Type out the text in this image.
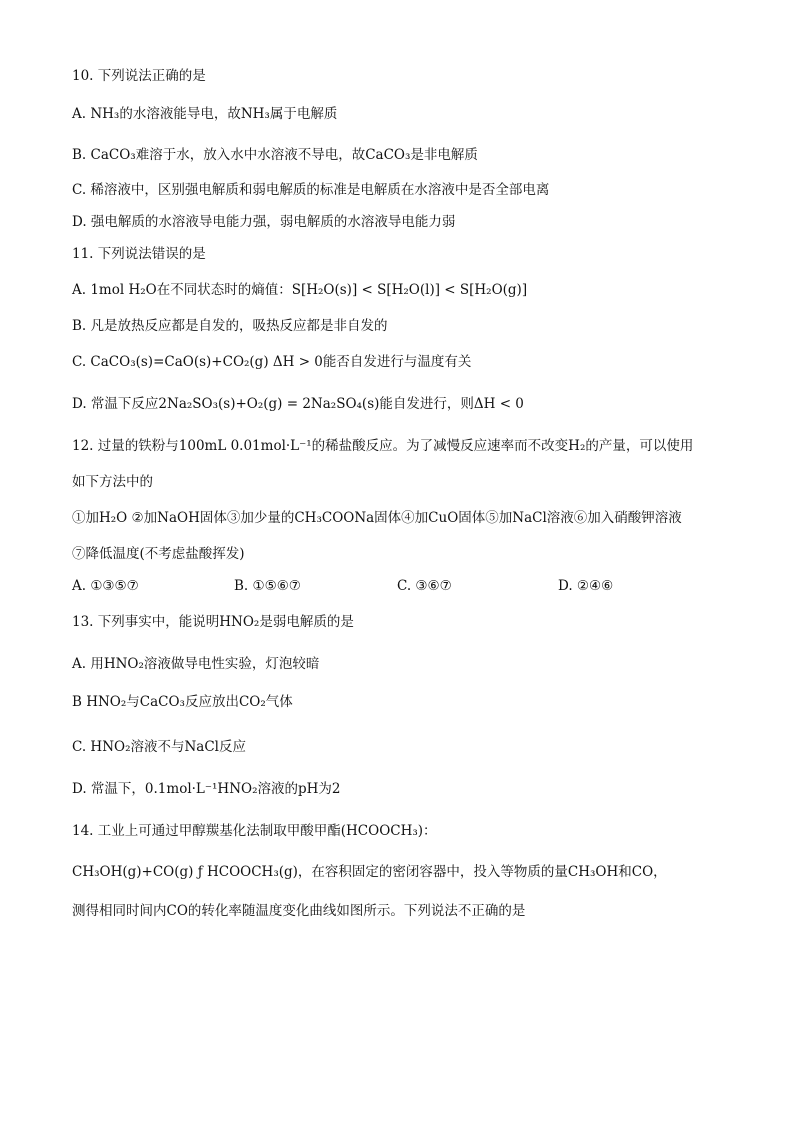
10. 下列说法正确的是
A. NH₃的水溶液能导电，故NH₃属于电解质
B. CaCO₃难溶于水，放入水中水溶液不导电，故CaCO₃是非电解质
C. 稀溶液中，区别强电解质和弱电解质的标准是电解质在水溶液中是否全部电离
D. 强电解质的水溶液导电能力强，弱电解质的水溶液导电能力弱
11. 下列说法错误的是
A. 1mol H₂O在不同状态时的熵值：S[H₂O(s)] < S[H₂O(l)] < S[H₂O(g)]
B. 凡是放热反应都是自发的，吸热反应都是非自发的
C. CaCO₃(s)=CaO(s)+CO₂(g) ΔH > 0能否自发进行与温度有关
D. 常温下反应2Na₂SO₃(s)+O₂(g) = 2Na₂SO₄(s)能自发进行，则ΔH < 0
12. 过量的铁粉与100mL 0.01mol·L⁻¹的稀盐酸反应。为了减慢反应速率而不改变H₂的产量，可以使用
如下方法中的
①加H₂O ②加NaOH固体③加少量的CH₃COONa固体④加CuO固体⑤加NaCl溶液⑥加入硝酸钾溶液
⑦降低温度(不考虑盐酸挥发)
A. ①③⑤⑦	B. ①⑤⑥⑦	C. ③⑥⑦	D. ②④⑥
13. 下列事实中，能说明HNO₂是弱电解质的是
A. 用HNO₂溶液做导电性实验，灯泡较暗
B HNO₂与CaCO₃反应放出CO₂气体
C. HNO₂溶液不与NaCl反应
D. 常温下，0.1mol·L⁻¹HNO₂溶液的pH为2
14. 工业上可通过甲醇羰基化法制取甲酸甲酯(HCOOCH₃)：
CH₃OH(g)+CO(g) ƒ HCOOCH₃(g)，在容积固定的密闭容器中，投入等物质的量CH₃OH和CO，
测得相同时间内CO的转化率随温度变化曲线如图所示。下列说法不正确的是
